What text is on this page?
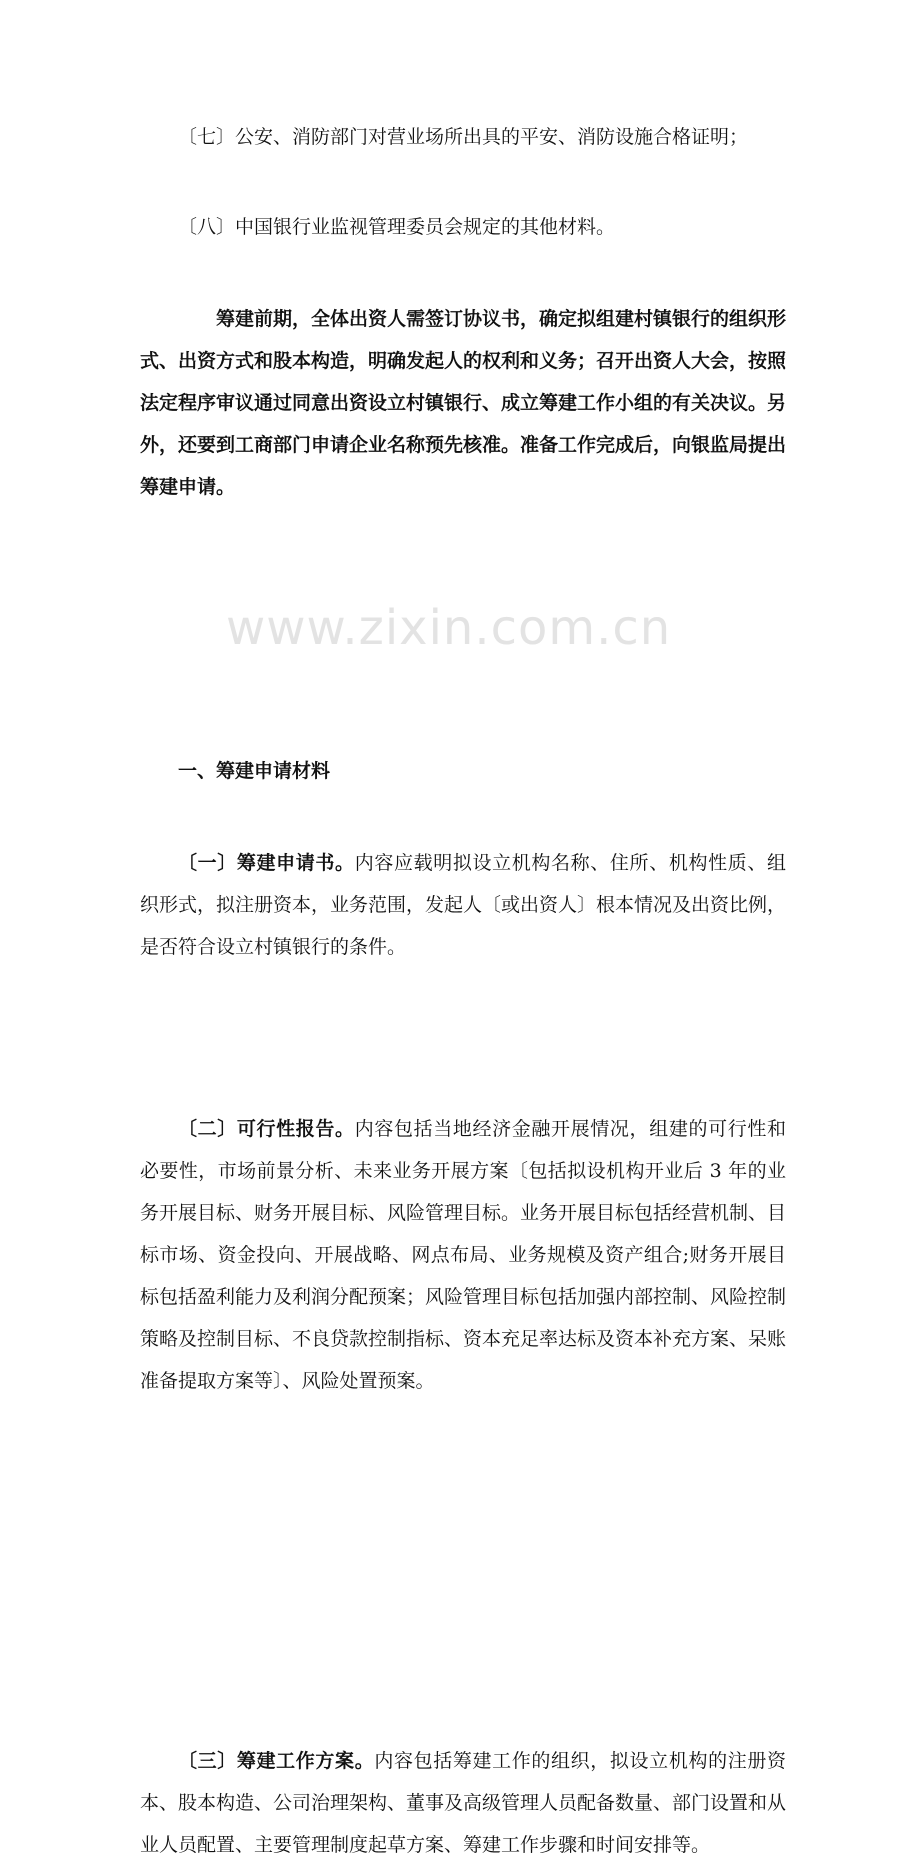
www.zixin.com.cn

〔七〕公安、消防部门对营业场所出具的平安、消防设施合格证明；

〔八〕中国银行业监视管理委员会规定的其他材料。

筹建前期，全体出资人需签订协议书，确定拟组建村镇银行的组织形式、出资方式和股本构造，明确发起人的权利和义务；召开出资人大会，按照法定程序审议通过同意出资设立村镇银行、成立筹建工作小组的有关决议。另外，还要到工商部门申请企业名称预先核准。准备工作完成后，向银监局提出筹建申请。

一、筹建申请材料

〔一〕筹建申请书。内容应载明拟设立机构名称、住所、机构性质、组织形式，拟注册资本，业务范围，发起人〔或出资人〕根本情况及出资比例，是否符合设立村镇银行的条件。

〔二〕可行性报告。内容包括当地经济金融开展情况，组建的可行性和必要性，市场前景分析、未来业务开展方案〔包括拟设机构开业后 3 年的业务开展目标、财务开展目标、风险管理目标。业务开展目标包括经营机制、目标市场、资金投向、开展战略、网点布局、业务规模及资产组合;财务开展目标包括盈利能力及利润分配预案；风险管理目标包括加强内部控制、风险控制策略及控制目标、不良贷款控制指标、资本充足率达标及资本补充方案、呆账准备提取方案等〕、风险处置预案。

〔三〕筹建工作方案。内容包括筹建工作的组织，拟设立机构的注册资本、股本构造、公司治理架构、董事及高级管理人员配备数量、部门设置和从业人员配置、主要管理制度起草方案、筹建工作步骤和时间安排等。
